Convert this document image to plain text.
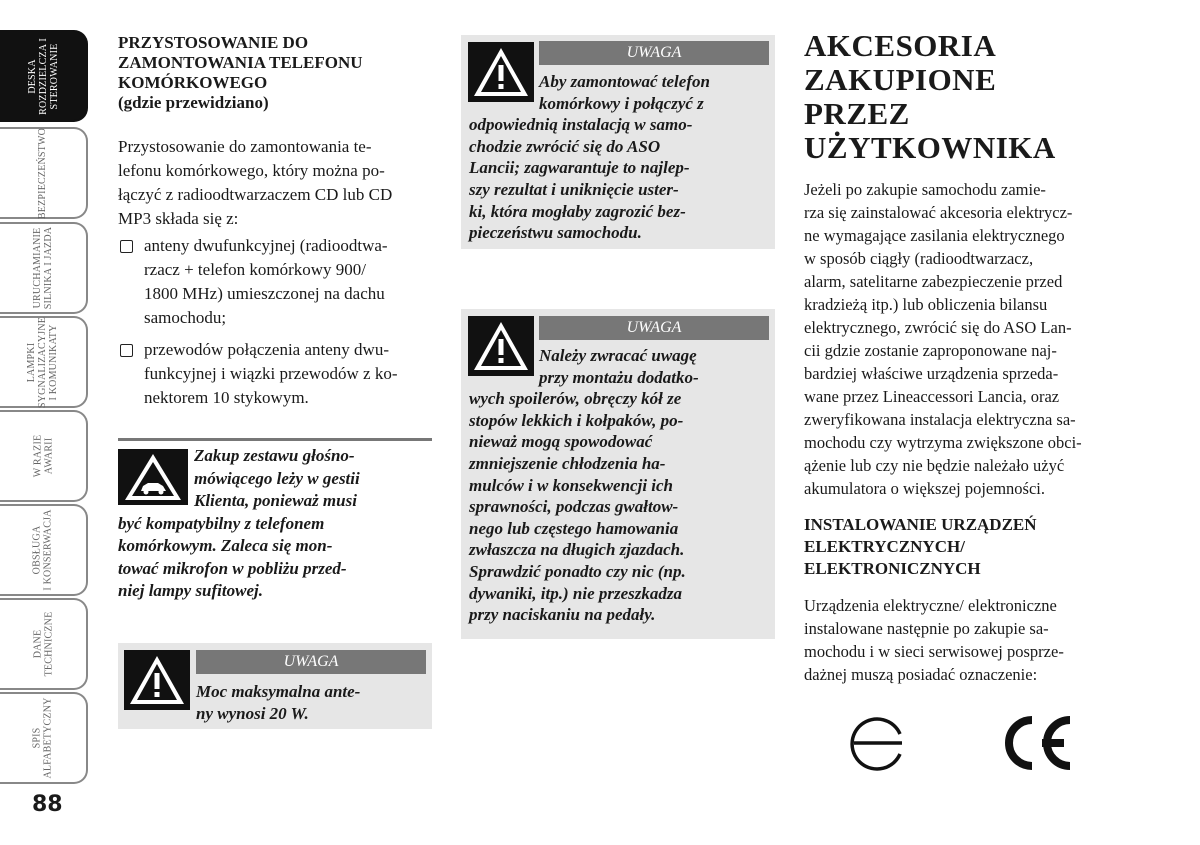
DESKA ROZDZIELCZA I STEROWANIE
BEZPIECZEŃSTWO
URUCHAMIANIE SILNIKA I JAZDA
LAMPKI SYGNALIZACYJNE I KOMUNIKATY
W RAZIE AWARII
OBSŁUGA I KONSERWACJA
DANE TECHNICZNE
SPIS ALFABETYCZNY
88
PRZYSTOSOWANIE DO
ZAMONTOWANIA TELEFONU
KOMÓRKOWEGO
(gdzie przewidziano)
Przystosowanie do zamontowania te-
lefonu komórkowego, który można po-
łączyć z radioodtwarzaczem CD lub CD
MP3 składa się z:
anteny dwufunkcyjnej (radioodtwa-
rzacz + telefon komórkowy 900/
1800 MHz) umieszczonej na dachu
samochodu;
przewodów połączenia anteny dwu-
funkcyjnej i wiązki przewodów z ko-
nektorem 10 stykowym.
Zakup zestawu głośno-
mówiącego leży w gestii
Klienta, ponieważ musi
być kompatybilny z telefonem
komórkowym. Zaleca się mon-
tować mikrofon w pobliżu przed-
niej lampy sufitowej.
UWAGA
Moc maksymalna ante-
ny wynosi 20 W.
UWAGA
Aby zamontować telefon
komórkowy i połączyć z
odpowiednią instalacją w samo-
chodzie zwrócić się do ASO
Lancii; zagwarantuje to najlep-
szy rezultat i uniknięcie uster-
ki, która mogłaby zagrozić bez-
pieczeństwu samochodu.
UWAGA
Należy zwracać uwagę
przy montażu dodatko-
wych spoilerów, obręczy kół ze
stopów lekkich i kołpaków, po-
nieważ mogą spowodować
zmniejszenie chłodzenia ha-
mulców i w konsekwencji ich
sprawności, podczas gwałtow-
nego lub częstego hamowania
zwłaszcza na długich zjazdach.
Sprawdzić ponadto czy nic (np.
dywaniki, itp.) nie przeszkadza
przy naciskaniu na pedały.
AKCESORIA
ZAKUPIONE
PRZEZ
UŻYTKOWNIKA
Jeżeli po zakupie samochodu zamie-
rza się zainstalować akcesoria elektrycz-
ne wymagające zasilania elektrycznego
w sposób ciągły (radioodtwarzacz,
alarm, satelitarne zabezpieczenie przed
kradzieżą itp.) lub obliczenia bilansu
elektrycznego, zwrócić się do ASO Lan-
cii gdzie zostanie zaproponowane naj-
bardziej właściwe urządzenia sprzeda-
wane przez Lineaccessori Lancia, oraz
zweryfikowana instalacja elektryczna sa-
mochodu czy wytrzyma zwiększone obci-
ążenie lub czy nie będzie należało użyć
akumulatora o większej pojemności.
INSTALOWANIE URZĄDZEŃ
ELEKTRYCZNYCH/
ELEKTRONICZNYCH
Urządzenia elektryczne/ elektroniczne
instalowane następnie po zakupie sa-
mochodu i w sieci serwisowej posprze-
dażnej muszą posiadać oznaczenie:
